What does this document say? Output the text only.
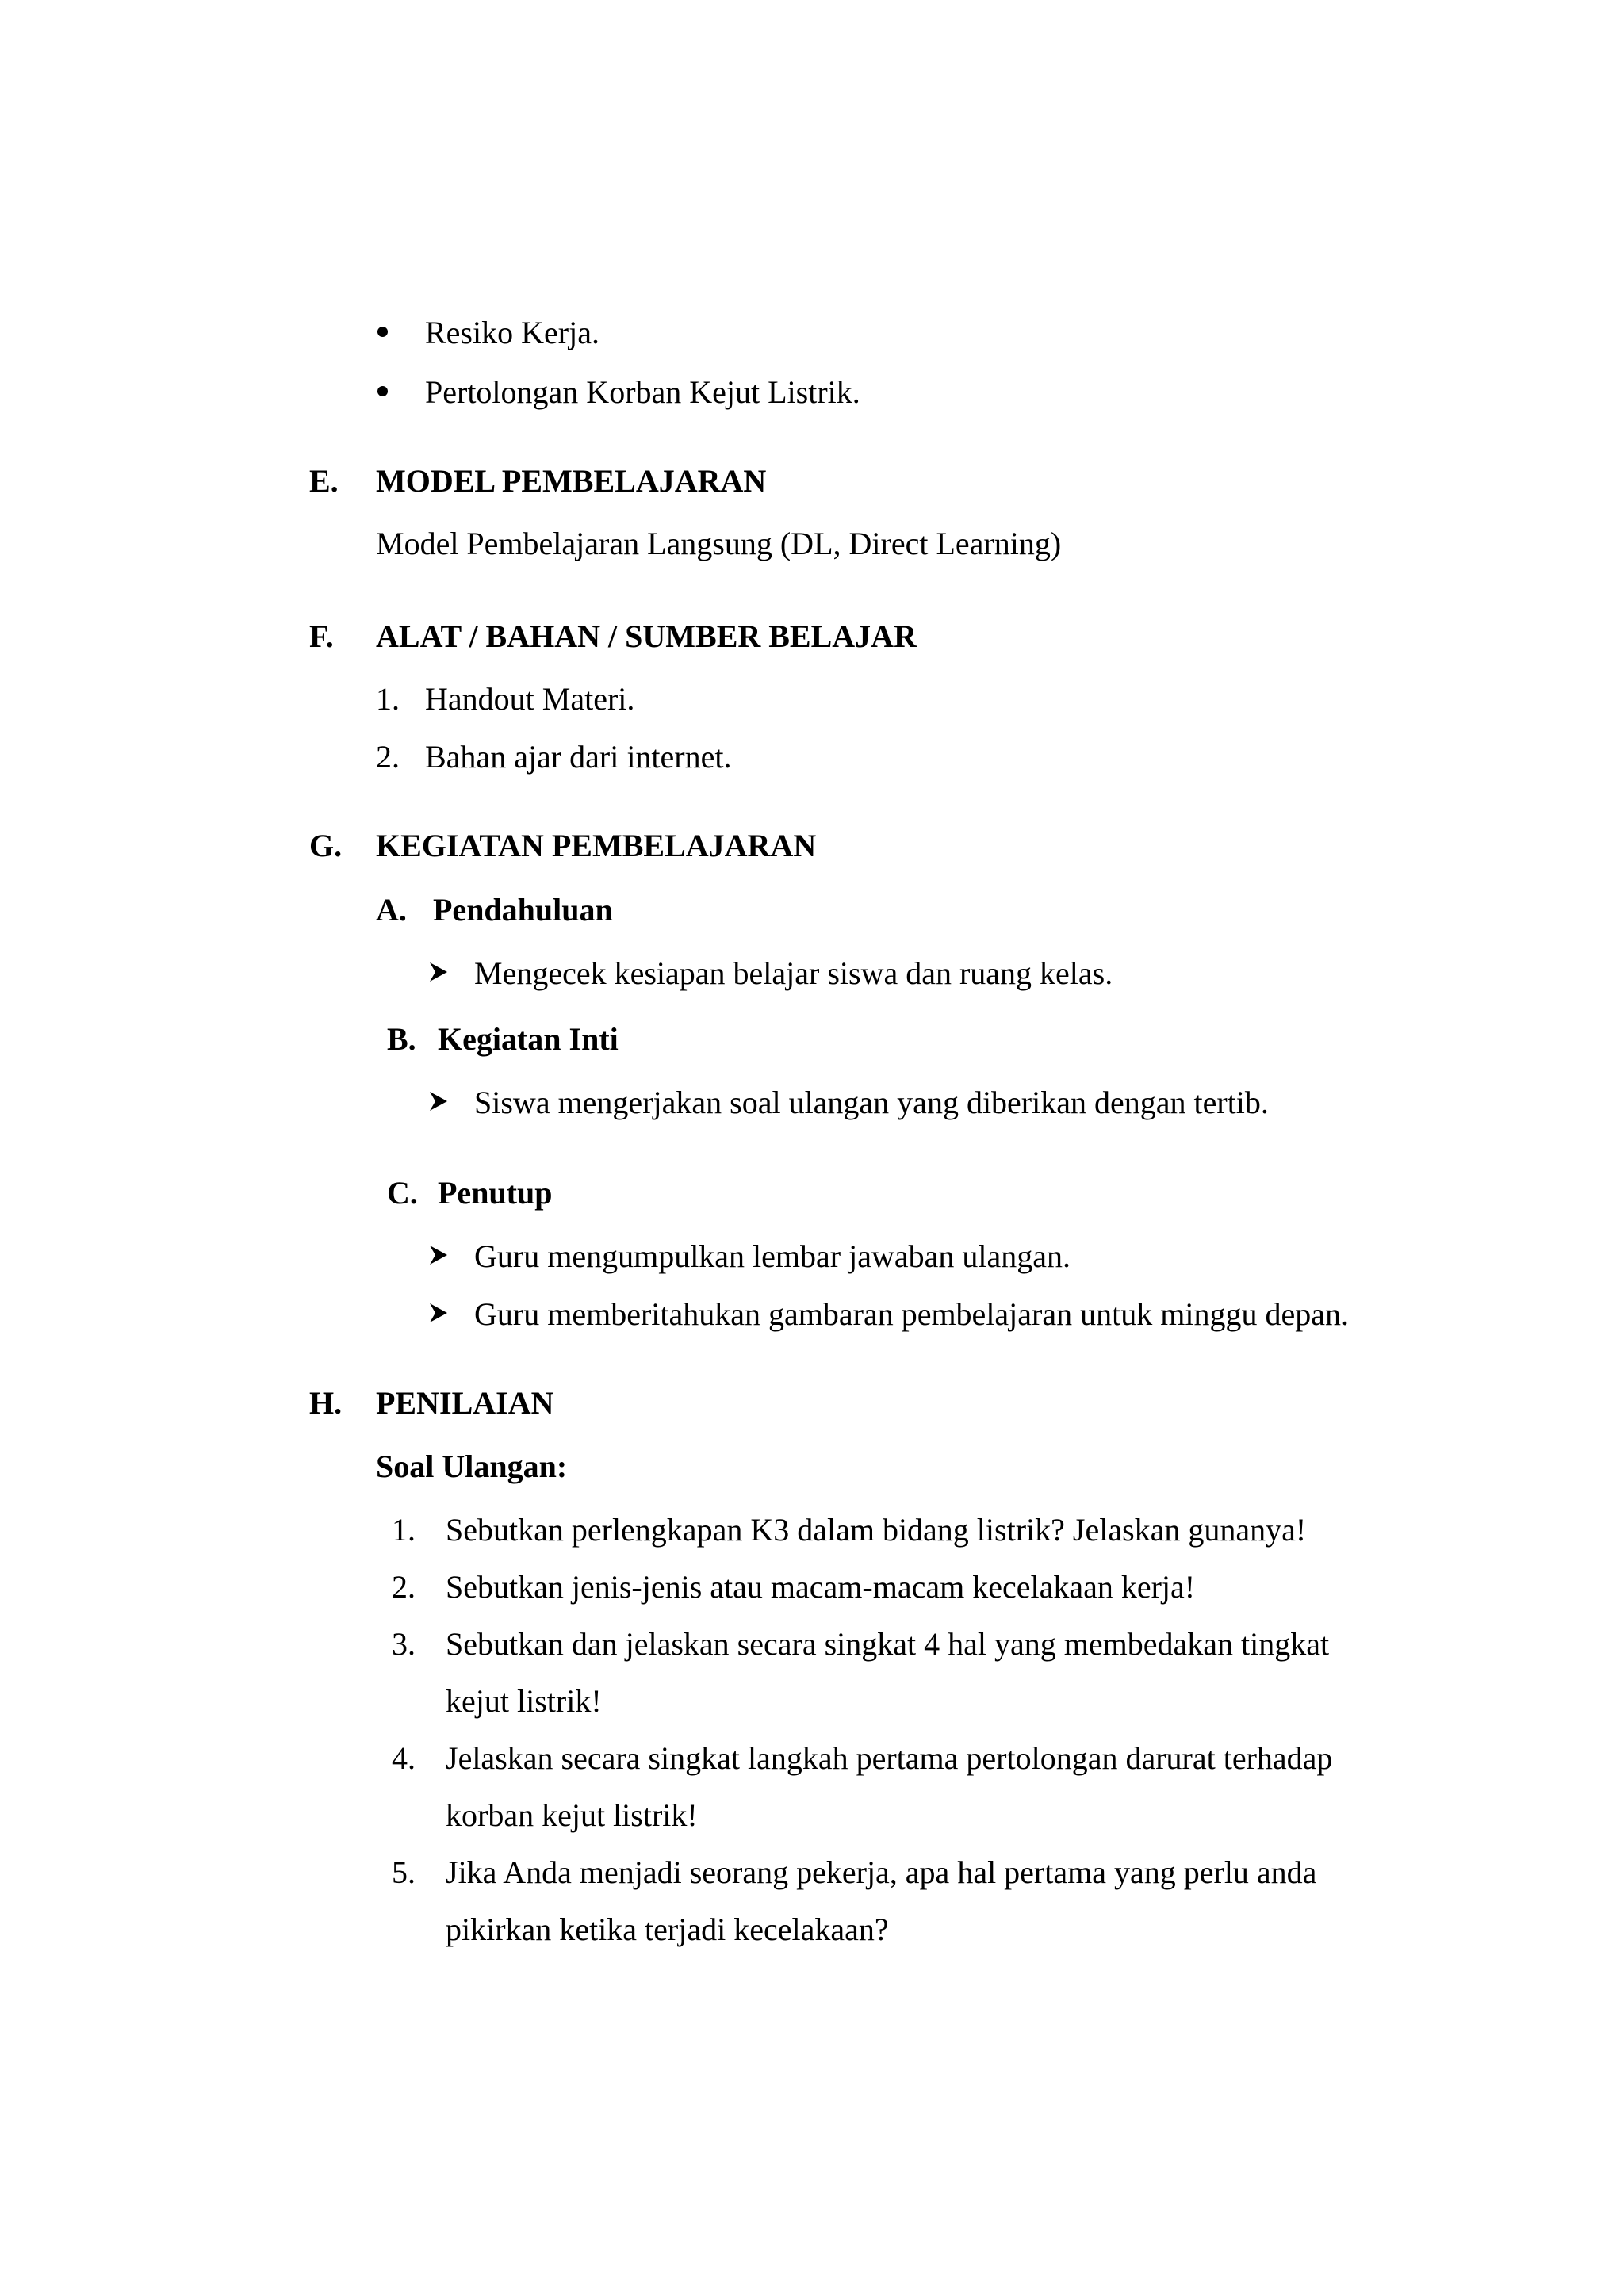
Resiko Kerja.
Pertolongan Korban Kejut Listrik.
E. MODEL PEMBELAJARAN
Model Pembelajaran Langsung (DL, Direct Learning)
F. ALAT / BAHAN / SUMBER BELAJAR
1. Handout Materi.
2. Bahan ajar dari internet.
G. KEGIATAN PEMBELAJARAN
A. Pendahuluan
Mengecek kesiapan belajar siswa dan ruang kelas.
B. Kegiatan Inti
Siswa mengerjakan soal ulangan yang diberikan dengan tertib.
C. Penutup
Guru mengumpulkan lembar jawaban ulangan.
Guru memberitahukan gambaran pembelajaran untuk minggu depan.
H. PENILAIAN
Soal Ulangan:
1. Sebutkan perlengkapan K3 dalam bidang listrik? Jelaskan gunanya!
2. Sebutkan jenis-jenis atau macam-macam kecelakaan kerja!
3. Sebutkan dan jelaskan secara singkat 4 hal yang membedakan tingkat
kejut listrik!
4. Jelaskan secara singkat langkah pertama pertolongan darurat terhadap
korban kejut listrik!
5. Jika Anda menjadi seorang pekerja, apa hal pertama yang perlu anda
pikirkan ketika terjadi kecelakaan?
